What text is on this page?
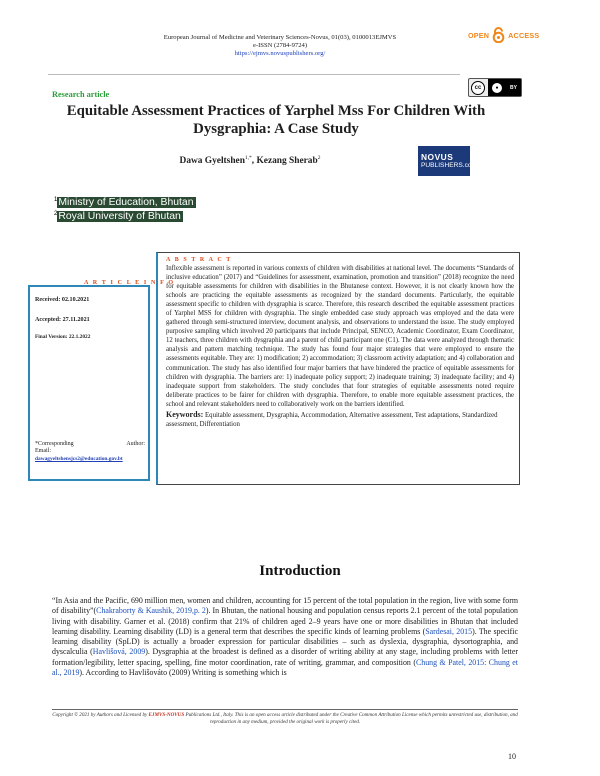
European Journal of Medicine and Veterinary Sciences-Novus, 01(03), 0100013EJMVS
e-ISSN (2784-9724)
https://ejmvs.novuspublishers.org/
OPEN	ACCESS
cc	●	BY
Research article
Equitable Assessment Practices of Yarphel Mss For Children With Dysgraphia: A Case Study
Dawa Gyeltshen$^{1,*}$, Kezang Sherab$^2$	NOVUS
PUBLISHERS.com
$^1$Ministry of Education, Bhutan
$^2$Royal University of Bhutan
A R T I C L E I N F O
Received: 02.10.2021
Accepted: 27.11.2021
Final Version: 22.1.2022
*Corresponding	Author:
Email:
dawagyeltshensjcs2@education.gov.bt
A B S T R A C T
Inflexible assessment is reported in various contexts of children with disabilities at national level. The documents “Standards of inclusive education” (2017) and “Guidelines for assessment, examination, promotion and transition” (2018) recognize the need for equitable assessments for children with disabilities in the Bhutanese context. However, it is not clearly known how the schools are practicing the equitable assessments as recognized by the standard documents. Particularly, the equitable assessment specific to children with dysgraphia is scarce. Therefore, this research described the equitable assessment practices of Yarphel MSS for children with dysgraphia. The single embedded case study approach was employed and the data were gathered through semi-structured interview, document analysis, and observations to understand the issue. The study employed purposive sampling which involved 20 participants that include Principal, SENCO, Academic Coordinator, Exam Coordinator, 12 teachers, three children with dysgraphia and a parent of child participant one (C1). The data were analyzed through thematic analysis and pattern matching technique. The study has found four major strategies that were employed to ensure the assessments equitable. They are: 1) modification; 2) accommodation; 3) classroom activity adaptation; and 4) collaboration and communication. The study has also identified four major barriers that have hindered the practice of equitable assessments for children with dysgraphia. The barriers are: 1) inadequate policy support; 2) inadequate training; 3) inadequate facility; and 4) inadequate support from stakeholders. The study concludes that four strategies of equitable assessments noted require deliberate practices to be fairer for children with dysgraphia. Therefore, to enable more equitable assessment practices, the school and relevant stakeholders need to collaboratively work on the barriers identified.
Keywords: Equitable assessment, Dysgraphia, Accommodation, Alternative assessment, Test adaptations, Standardized assessment, Differentiation
Introduction
“In Asia and the Pacific, 690 million men, women and children, accounting for 15 percent of the total population in the region, live with some form of disability”(Chakraborty & Kaushik, 2019,p. 2). In Bhutan, the national housing and population census reports 2.1 percent of the total population living with disability. Garner et al. (2018) confirm that 21% of children aged 2–9 years have one or more disabilities in Bhutan that included learning disability. Learning disability (LD) is a general term that describes the specific kinds of learning problems (Sardesai, 2015). The specific learning disability (SpLD) is actually a broader expression for particular disabilities – such as dyslexia, dysgraphia, dysortographia, and dyscalculia (Havlišová, 2009). Dysgraphia at the broadest is defined as a disorder of writing ability at any stage, including problems with letter formation/legibility, letter spacing, spelling, fine motor coordination, rate of writing, grammar, and composition (Chung & Patel, 2015: Chung et al., 2019). According to Havlišováto (2009) Writing is something which is
Copyright © 2021 by Authors and Licensed by EJMVS-NOVUS Publications Ltd., Italy. This is an open access article distributed under the Creative Common Attribution License which permits unrestricted use, distribution, and reproduction in any medium, provided the original work is properly cited.
10
